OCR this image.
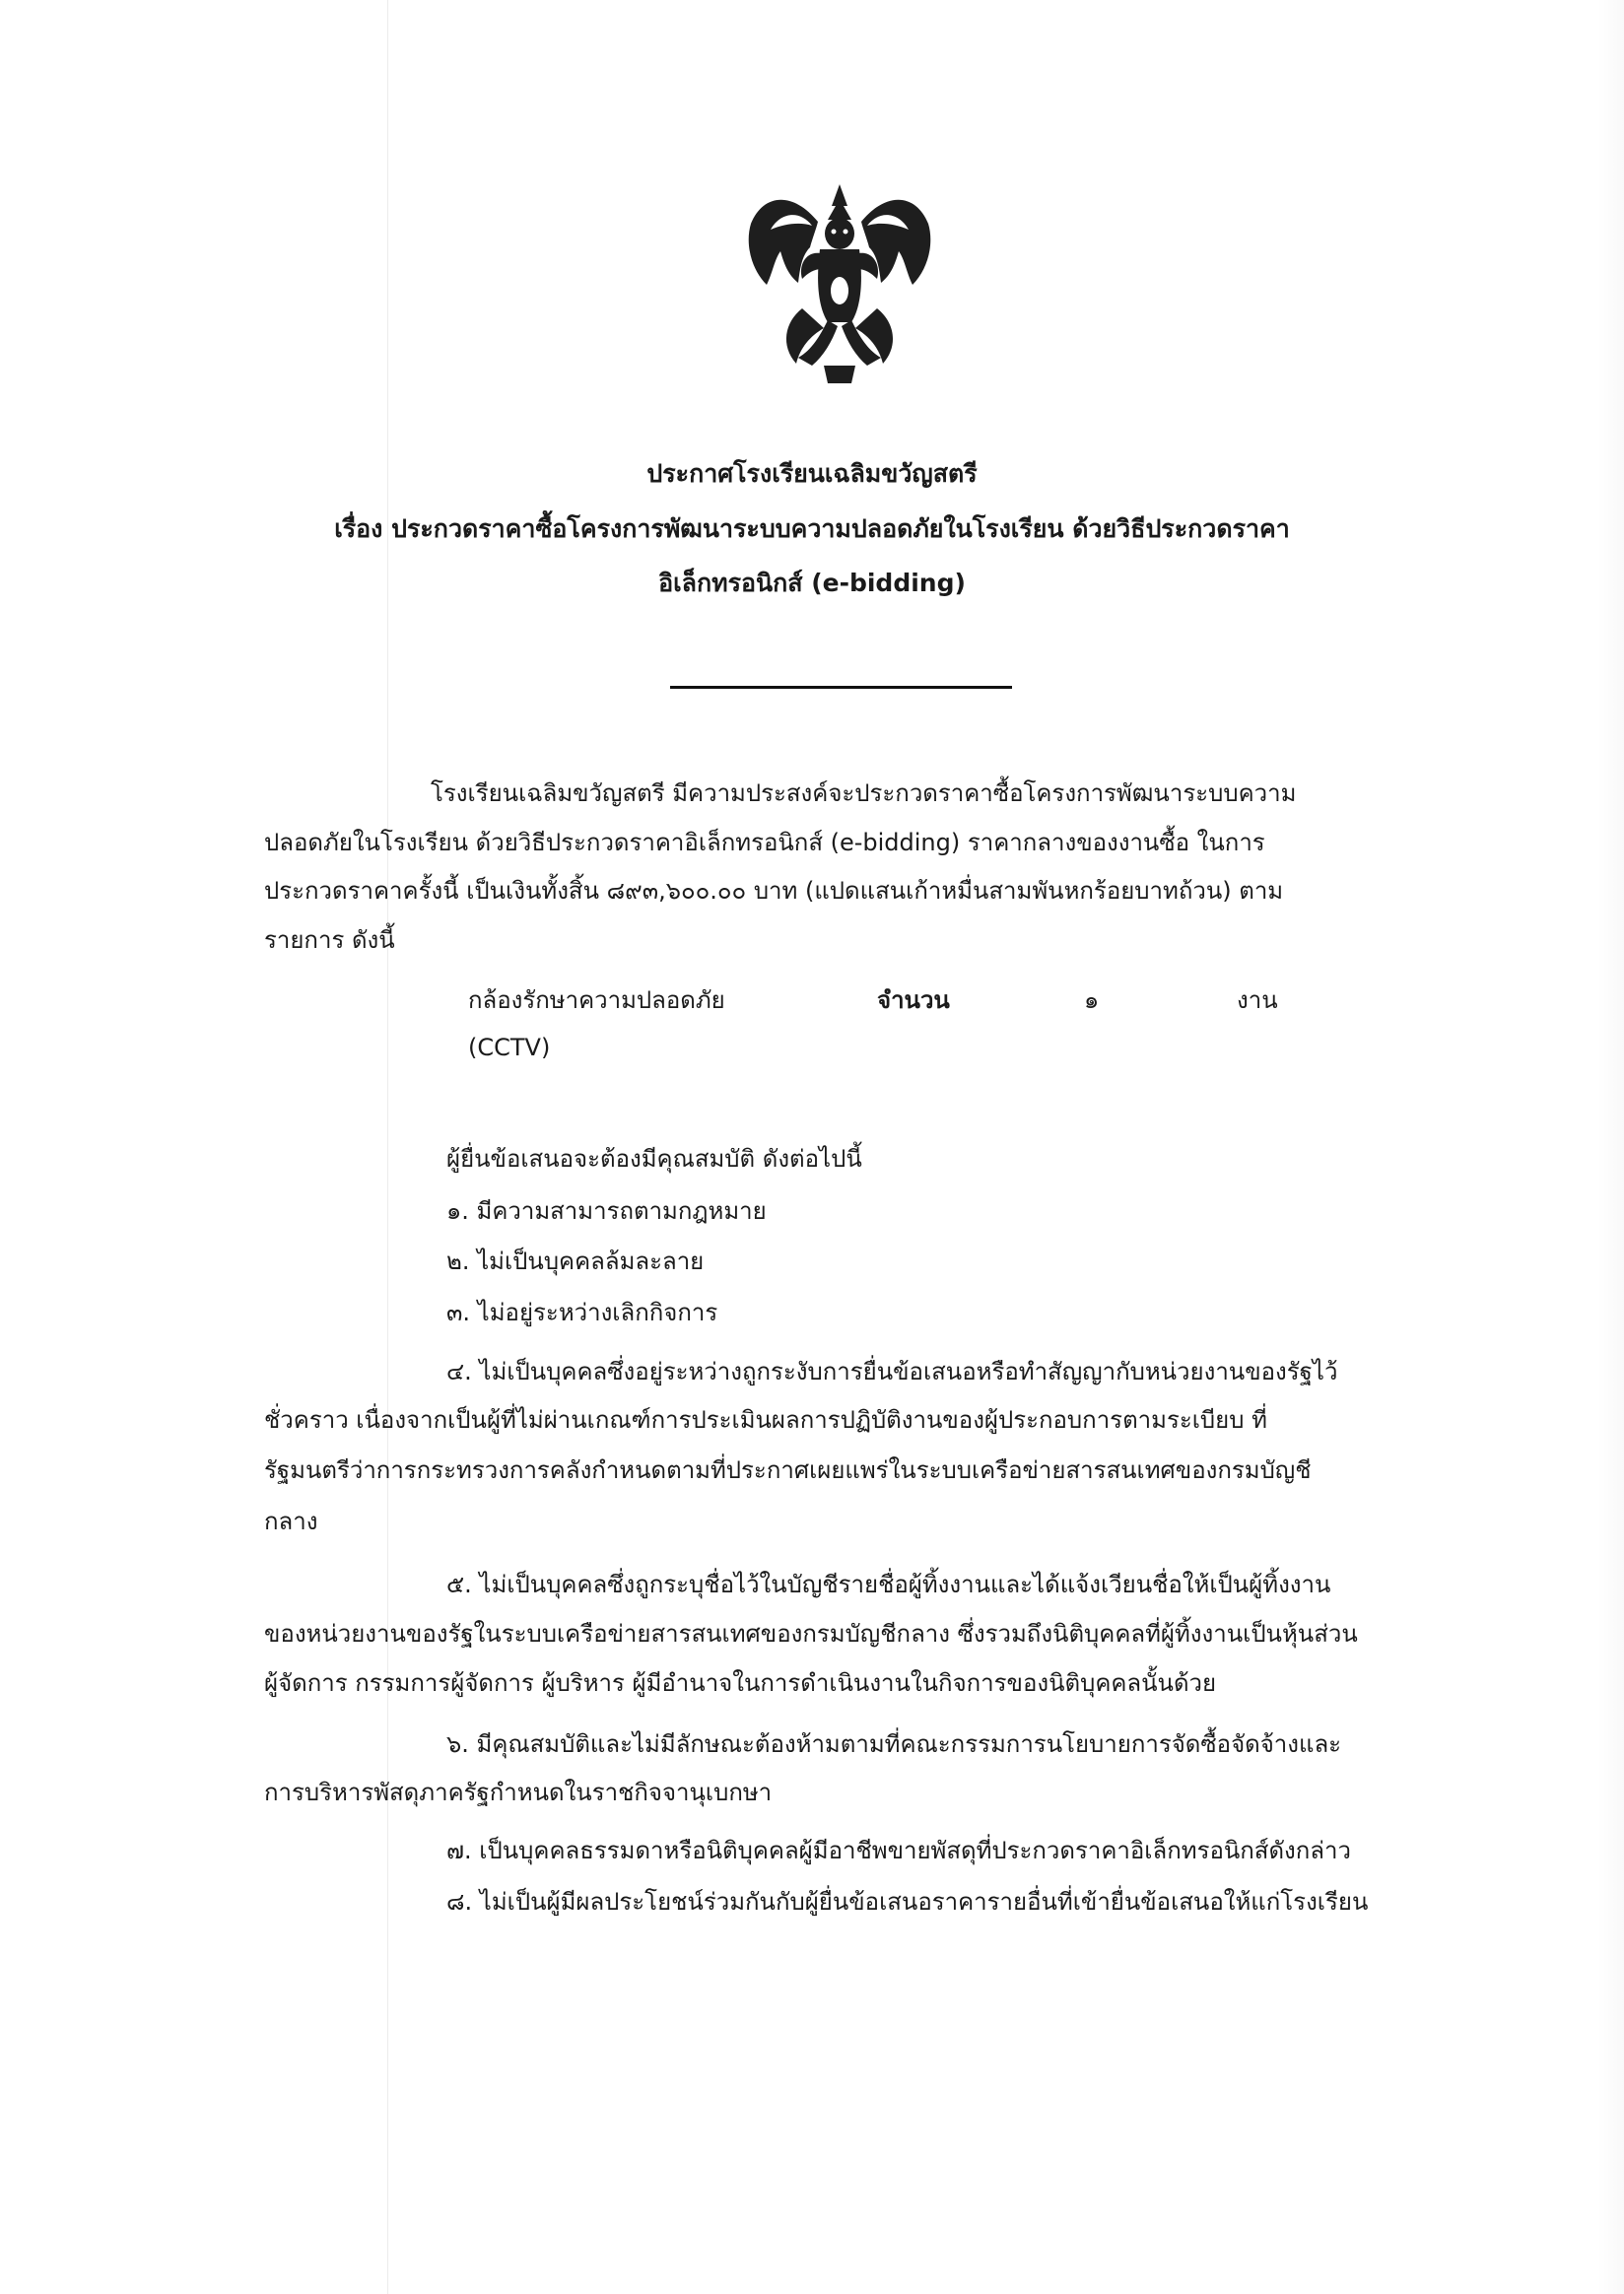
ประกาศโรงเรียนเฉลิมขวัญสตรี
เรื่อง ประกวดราคาซื้อโครงการพัฒนาระบบความปลอดภัยในโรงเรียน ด้วยวิธีประกวดราคา
อิเล็กทรอนิกส์ (e-bidding)
โรงเรียนเฉลิมขวัญสตรี มีความประสงค์จะประกวดราคาซื้อโครงการพัฒนาระบบความ
ปลอดภัยในโรงเรียน ด้วยวิธีประกวดราคาอิเล็กทรอนิกส์ (e-bidding) ราคากลางของงานซื้อ ในการ
ประกวดราคาครั้งนี้ เป็นเงินทั้งสิ้น ๘๙๓,๖๐๐.๐๐ บาท (แปดแสนเก้าหมื่นสามพันหกร้อยบาทถ้วน) ตาม
รายการ ดังนี้
กล้องรักษาความปลอดภัย
(CCTV)
จำนวน	๑	งาน
ผู้ยื่นข้อเสนอจะต้องมีคุณสมบัติ ดังต่อไปนี้
๑. มีความสามารถตามกฎหมาย
๒. ไม่เป็นบุคคลล้มละลาย
๓. ไม่อยู่ระหว่างเลิกกิจการ
๔. ไม่เป็นบุคคลซึ่งอยู่ระหว่างถูกระงับการยื่นข้อเสนอหรือทำสัญญากับหน่วยงานของรัฐไว้
ชั่วคราว เนื่องจากเป็นผู้ที่ไม่ผ่านเกณฑ์การประเมินผลการปฏิบัติงานของผู้ประกอบการตามระเบียบ ที่
รัฐมนตรีว่าการกระทรวงการคลังกำหนดตามที่ประกาศเผยแพร่ในระบบเครือข่ายสารสนเทศของกรมบัญชี
กลาง
๕. ไม่เป็นบุคคลซึ่งถูกระบุชื่อไว้ในบัญชีรายชื่อผู้ทิ้งงานและได้แจ้งเวียนชื่อให้เป็นผู้ทิ้งงาน
ของหน่วยงานของรัฐในระบบเครือข่ายสารสนเทศของกรมบัญชีกลาง ซึ่งรวมถึงนิติบุคคลที่ผู้ทิ้งงานเป็นหุ้นส่วน
ผู้จัดการ กรรมการผู้จัดการ ผู้บริหาร ผู้มีอำนาจในการดำเนินงานในกิจการของนิติบุคคลนั้นด้วย
๖. มีคุณสมบัติและไม่มีลักษณะต้องห้ามตามที่คณะกรรมการนโยบายการจัดซื้อจัดจ้างและ
การบริหารพัสดุภาครัฐกำหนดในราชกิจจานุเบกษา
๗. เป็นบุคคลธรรมดาหรือนิติบุคคลผู้มีอาชีพขายพัสดุที่ประกวดราคาอิเล็กทรอนิกส์ดังกล่าว
๘. ไม่เป็นผู้มีผลประโยชน์ร่วมกันกับผู้ยื่นข้อเสนอราคารายอื่นที่เข้ายื่นข้อเสนอให้แก่โรงเรียน
